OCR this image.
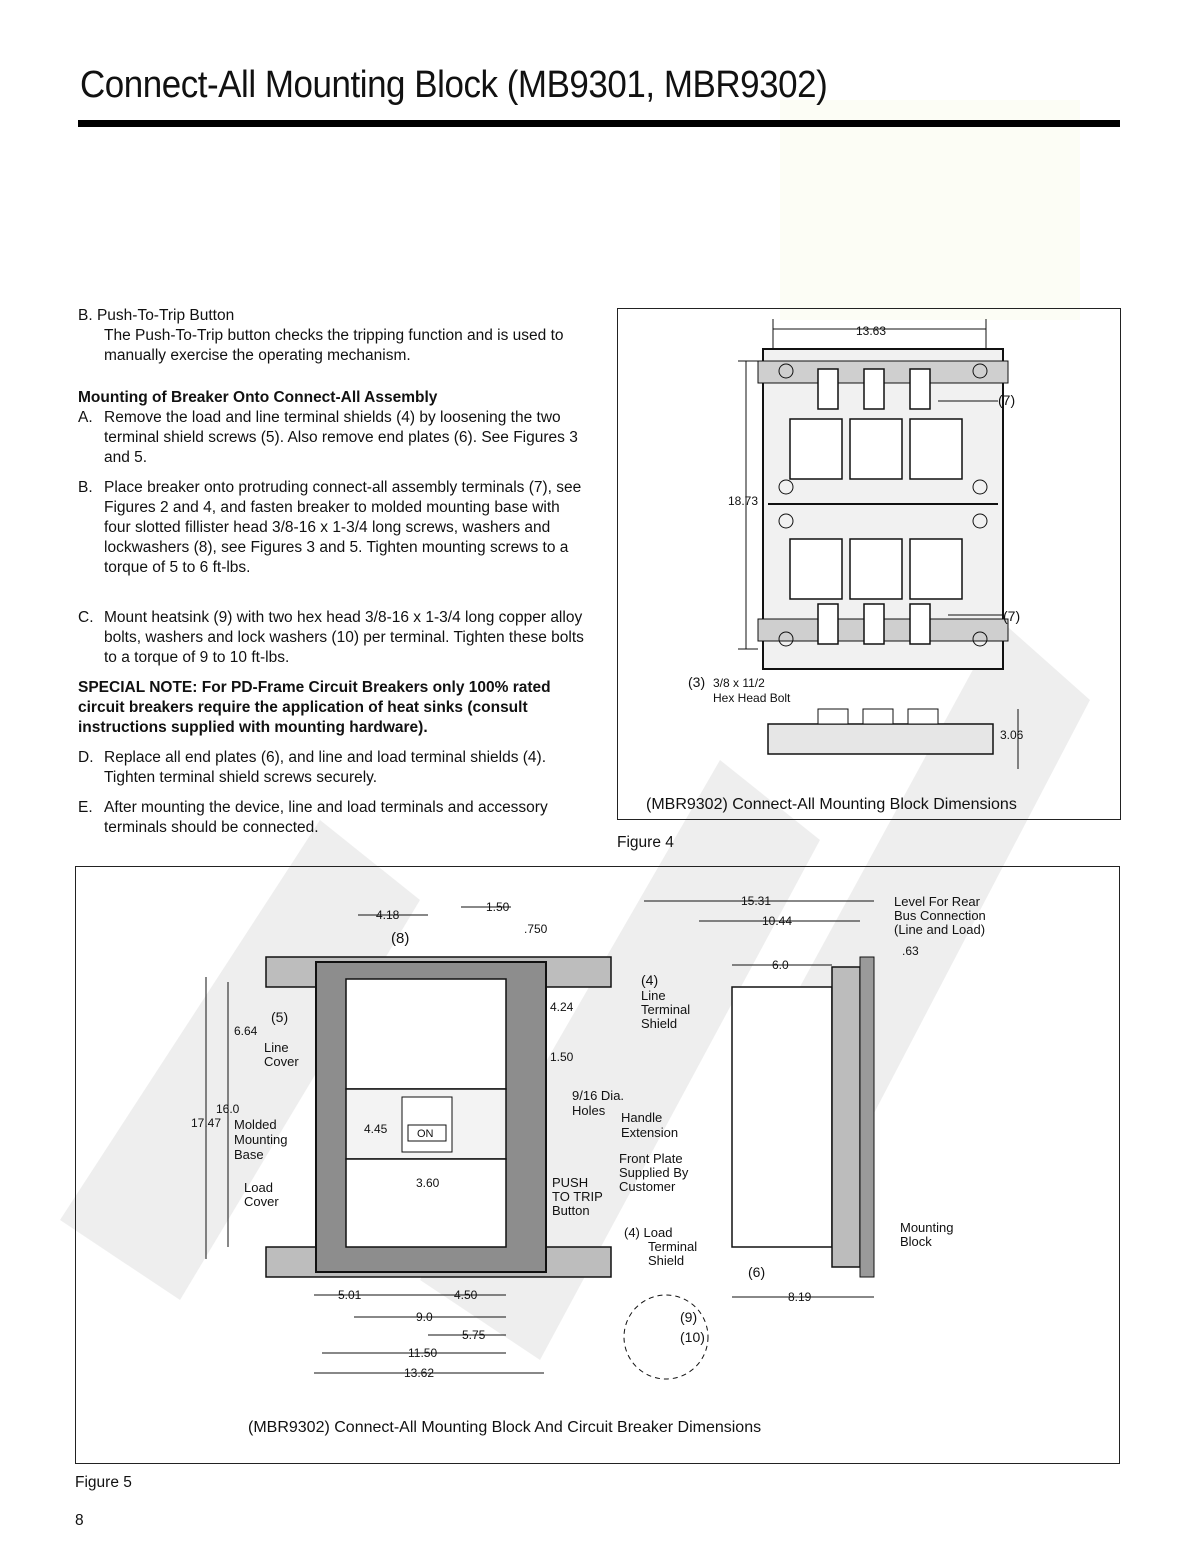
Connect-All Mounting Block (MB9301, MBR9302)
B. Push-To-Trip Button
The Push-To-Trip button checks the tripping function and is used to manually exercise the operating mechanism.
Mounting of Breaker Onto Connect-All Assembly
A. Remove the load and line terminal shields (4) by loosening the two terminal shield screws (5). Also remove end plates (6). See Figures 3 and 5.
B. Place breaker onto protruding connect-all assembly terminals (7), see Figures 2 and 4, and fasten breaker to molded mounting base with four slotted fillister head 3/8-16 x 1-3/4 long screws, washers and lockwashers (8), see Figures 3 and 5. Tighten mounting screws to a torque of 5 to 6 ft-lbs.
C. Mount heatsink (9) with two hex head 3/8-16 x 1-3/4 long copper alloy bolts, washers and lock washers (10) per terminal. Tighten these bolts to a torque of 9 to 10 ft-lbs.
SPECIAL NOTE: For PD-Frame Circuit Breakers only 100% rated circuit breakers require the application of heat sinks (consult instructions supplied with mounting hardware).
D. Replace all end plates (6), and line and load terminal shields (4). Tighten terminal shield screws securely.
E. After mounting the device, line and load terminals and accessory terminals should be connected.
13.63
18.73
(7)
(7)
3.06
(3) 3/8 x 11/2
Hex Head Bolt
(MBR9302) Connect-All Mounting Block Dimensions
Figure 4
ON
4.18
(8)
1.50
.750
4.24
1.50
6.64
16.0
17.47	4.45
3.60
(5)
Line
Cover
Molded
Mounting
Base
Load
Cover
9/16 Dia.
Holes
PUSH
TO TRIP
Button
5.01	4.50
9.0
5.75
11.50
13.62
15.31
10.44
6.0
.63
8.19
Level For Rear
Bus Connection
(Line and Load)
(4)
Line
Terminal
Shield
Handle
Extension
Front Plate
Supplied By
Customer
(4) Load
Terminal
Shield
(6)
Mounting
Block
(9)
(10)
(MBR9302) Connect-All Mounting Block And Circuit Breaker Dimensions
Figure 5
8
